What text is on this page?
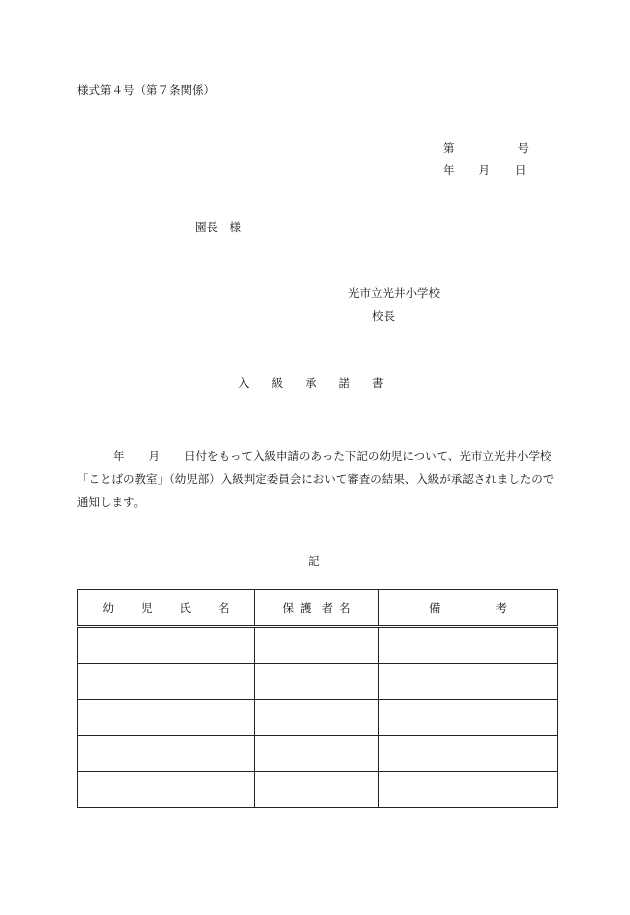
様式第４号（第７条関係）
第	号
年 月 日
園長　様
光市立光井小学校
校長
入 級 承 諾 書
年 月 日付をもって入級申請のあった下記の幼児について、光市立光井小学校「ことばの教室」（幼児部）入級判定委員会において審査の結果、入級が承認されましたので通知します。
記
幼 児 氏 名	保 護 者 名	備 考
